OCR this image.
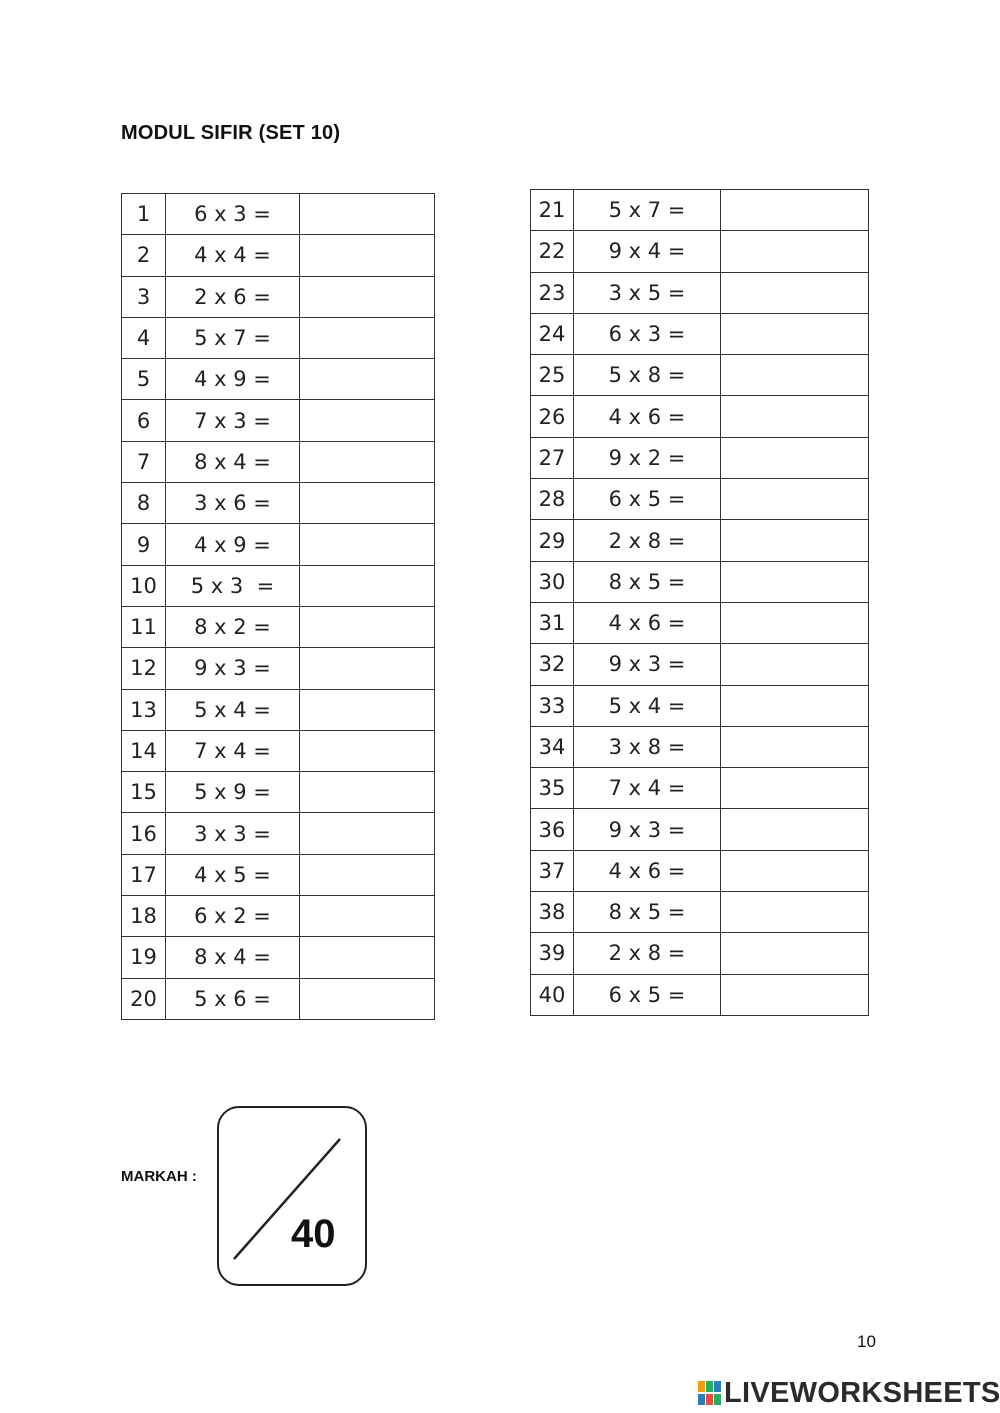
MODUL SIFIR (SET 10)
1	6 x 3 =	
2	4 x 4 =	
3	2 x 6 =	
4	5 x 7 =	
5	4 x 9 =	
6	7 x 3 =	
7	8 x 4 =	
8	3 x 6 =	
9	4 x 9 =	
10	5 x 3  =	
11	8 x 2 =	
12	9 x 3 =	
13	5 x 4 =	
14	7 x 4 =	
15	5 x 9 =	
16	3 x 3 =	
17	4 x 5 =	
18	6 x 2 =	
19	8 x 4 =	
20	5 x 6 =	
21	5 x 7 =	
22	9 x 4 =	
23	3 x 5 =	
24	6 x 3 =	
25	5 x 8 =	
26	4 x 6 =	
27	9 x 2 =	
28	6 x 5 =	
29	2 x 8 =	
30	8 x 5 =	
31	4 x 6 =	
32	9 x 3 =	
33	5 x 4 =	
34	3 x 8 =	
35	7 x 4 =	
36	9 x 3 =	
37	4 x 6 =	
38	8 x 5 =	
39	2 x 8 =	
40	6 x 5 =	
MARKAH :
40
10
LIVEWORKSHEETS
